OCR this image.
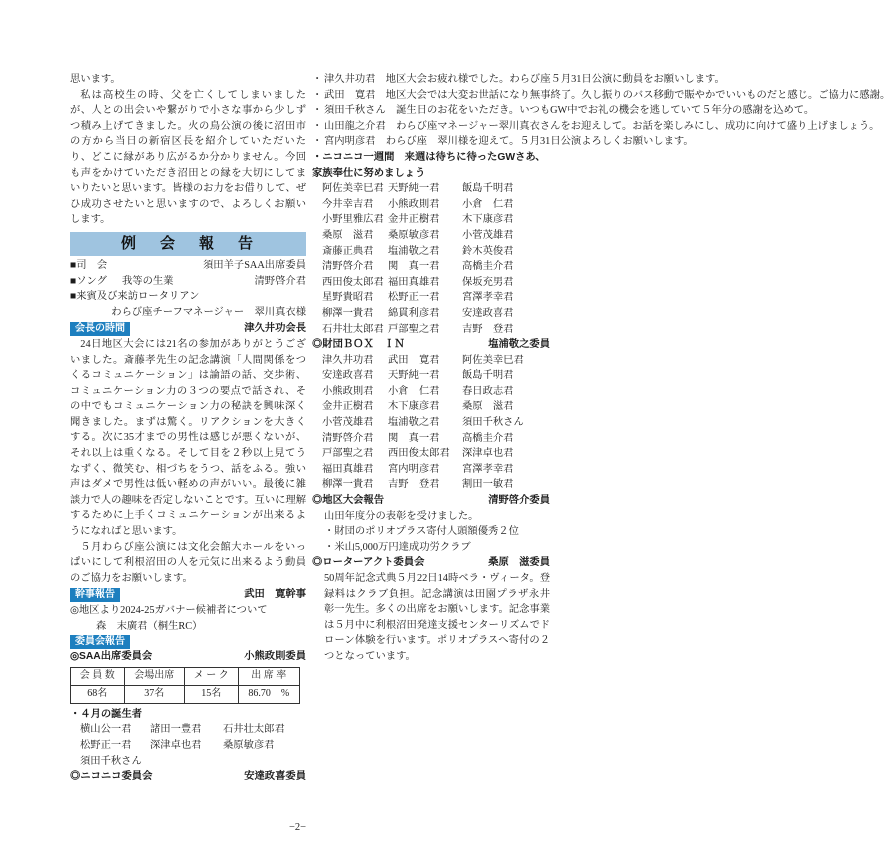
思います。

私は高校生の時、父を亡くしてしまいましたが、人との出会いや繋がりで小さな事から少しずつ積み上げてきました。火の鳥公演の後に沼田市の方から当日の新宿区長を紹介していただいたり、どこに縁があり広がるか分かりません。今回も声をかけていただき沼田との縁を大切にしてまいりたいと思います。皆様のお力をお借りして、ぜひ成功させたいと思いますので、よろしくお願いします。

例会報告
■司　会	須田羊子SAA出席委員
■ソング	我等の生業	清野啓介君
■来賓及び来訪ロータリアン
わらび座チーフマネージャー　翠川真衣様
会長の時間	津久井功会長

24日地区大会には21名の参加がありがとうございました。斎藤孝先生の記念講演「人間関係をつくるコミュニケーション」は論語の話、交歩術、コミュニケーション力の３つの要点で話され、その中でもコミュニケーション力の秘訣を興味深く聞きました。まずは驚く。リアクションを大きくする。次に35才までの男性は感じが悪くないが、それ以上は重くなる。そして目を２秒以上見てうなずく、微笑む、相づちをうつ、話をふる。強い声はダメで男性は低い軽めの声がいい。最後に雑談力で人の趣味を否定しないことです。互いに理解するために上手くコミュニケーションが出来るようになればと思います。

５月わらび座公演には文化会館大ホールをいっぱいにして利根沼田の人を元気に出来るよう動員のご協力をお願いします。

幹事報告	武田　寛幹事

◎地区より2024-25ガバナー候補者について

森　末廣君（桐生RC）

委員会報告
◎SAA出席委員会	小熊政則委員
会 員 数	会場出席	メ ー ク	出 席 率
68名	37名	15名	86.70　%

・４月の誕生者

横山公一君	諸田一豊君	石井壮太郎君
松野正一君	深津卓也君	桑原敏彦君
須田千秋さん
◎ニコニコ委員会	安達政喜委員
・ 津久井功君　地区大会お疲れ様でした。わらび座５月31日公演に動員をお願いします。
・ 武田　寛君　地区大会では大変お世話になり無事終了。久し振りのバス移動で賑やかでいいものだと感じ。ご協力に感謝。
・ 須田千秋さん　誕生日のお花をいただき。いつもGW中でお礼の機会を逃していて５年分の感謝を込めて。
・ 山田龍之介君　わらび座マネージャー翠川真衣さんをお迎えして。お話を楽しみにし、成功に向けて盛り上げましょう。
・ 宮内明彦君　わらび座　翠川様を迎えて。５月31日公演よろしくお願いします。

・ニコニコ一週間　来週は待ちに待ったGWさあ、家族奉仕に努めましょう

阿佐美幸巳君 天野純一君	飯島千明君
今井幸吉君	小熊政則君	小倉　仁君
小野里雅広君 金井正樹君	木下康彦君
桑原　滋君	桑原敏彦君	小菅茂雄君
斎藤正典君	塩浦敬之君	鈴木英俊君
清野啓介君	関　真一君	高橋圭介君
西田俊太郎君 福田真雄君	保坂充男君
星野貴昭君	松野正一君	宮澤孝幸君
柳澤一貴君	綿貫利彦君	安達政喜君
石井壮太郎君 戸部聖之君	吉野　登君
◎財団ＢＯＸ　ＩＮ	塩浦敬之委員
津久井功君	武田　寛君	阿佐美幸巳君
安達政喜君	天野純一君	飯島千明君
小熊政則君	小倉　仁君	春日政志君
金井正樹君	木下康彦君	桑原　滋君
小菅茂雄君	塩浦敬之君	須田千秋さん
清野啓介君	関　真一君	高橋圭介君
戸部聖之君	西田俊太郎君	深津卓也君
福田真雄君	宮内明彦君	宮澤孝幸君
柳澤一貴君	吉野　登君	割田一敏君
◎地区大会報告	清野啓介委員

山田年度分の表彰を受けました。

・財団のポリオプラス寄付人頭額優秀２位

・米山5,000万円達成功労クラブ

◎ローターアクト委員会	桑原　滋委員

50周年記念式典５月22日14時ベラ・ヴィータ。登録料はクラブ負担。記念講演は田園プラザ永井彰一先生。多くの出席をお願いします。記念事業は５月中に利根沼田発達支援センターリズムでドローン体験を行います。ポリオプラスへ寄付の２つとなっています。

−2−
